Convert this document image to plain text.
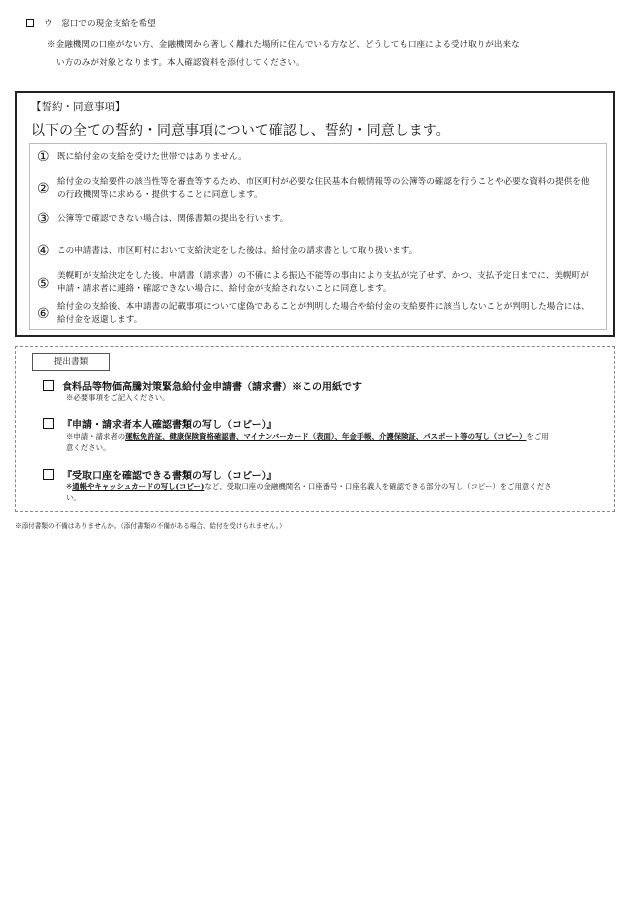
ウ　窓口での現金支給を希望
※金融機関の口座がない方、金融機関から著しく離れた場所に住んでいる方など、どうしても口座による受け取りが出来な
い方のみが対象となります。本人確認資料を添付してください。
【誓約・同意事項】
以下の全ての誓約・同意事項について確認し、誓約・同意します。
① 既に給付金の支給を受けた世帯ではありません。
② 給付金の支給要件の該当性等を審査等するため、市区町村が必要な住民基本台帳情報等の公簿等の確認を行うことや必要な資料の提供を他の行政機関等に求める・提供することに同意します。
③ 公簿等で確認できない場合は、関係書類の提出を行います。
④ この申請書は、市区町村において支給決定をした後は、給付金の請求書として取り扱います。
⑤ 美幌町が支給決定をした後、申請書（請求書）の不備による振込不能等の事由により支払が完了せず、かつ、支払予定日までに、美幌町が申請・請求者に連絡・確認できない場合に、給付金が支給されないことに同意します。
⑥ 給付金の支給後、本申請書の記載事項について虚偽であることが判明した場合や給付金の支給要件に該当しないことが判明した場合には、給付金を返還します。
提出書類
食料品等物価高騰対策緊急給付金申請書（請求書）※この用紙です
※必要事項をご記入ください。
『申請・請求者本人確認書類の写し（コピー）』
※申請・請求者の運転免許証、健康保険資格確認書、マイナンバーカード（表面）、年金手帳、介護保険証、パスポート等の写し（コピー）をご用意ください。
『受取口座を確認できる書類の写し（コピー）』
※通帳やキャッシュカードの写し(コピー)など、受取口座の金融機関名・口座番号・口座名義人を確認できる部分の写し（コピー）をご用意ください。
※添付書類の不備はありませんか。（添付書類の不備がある場合、給付を受けられません。）
